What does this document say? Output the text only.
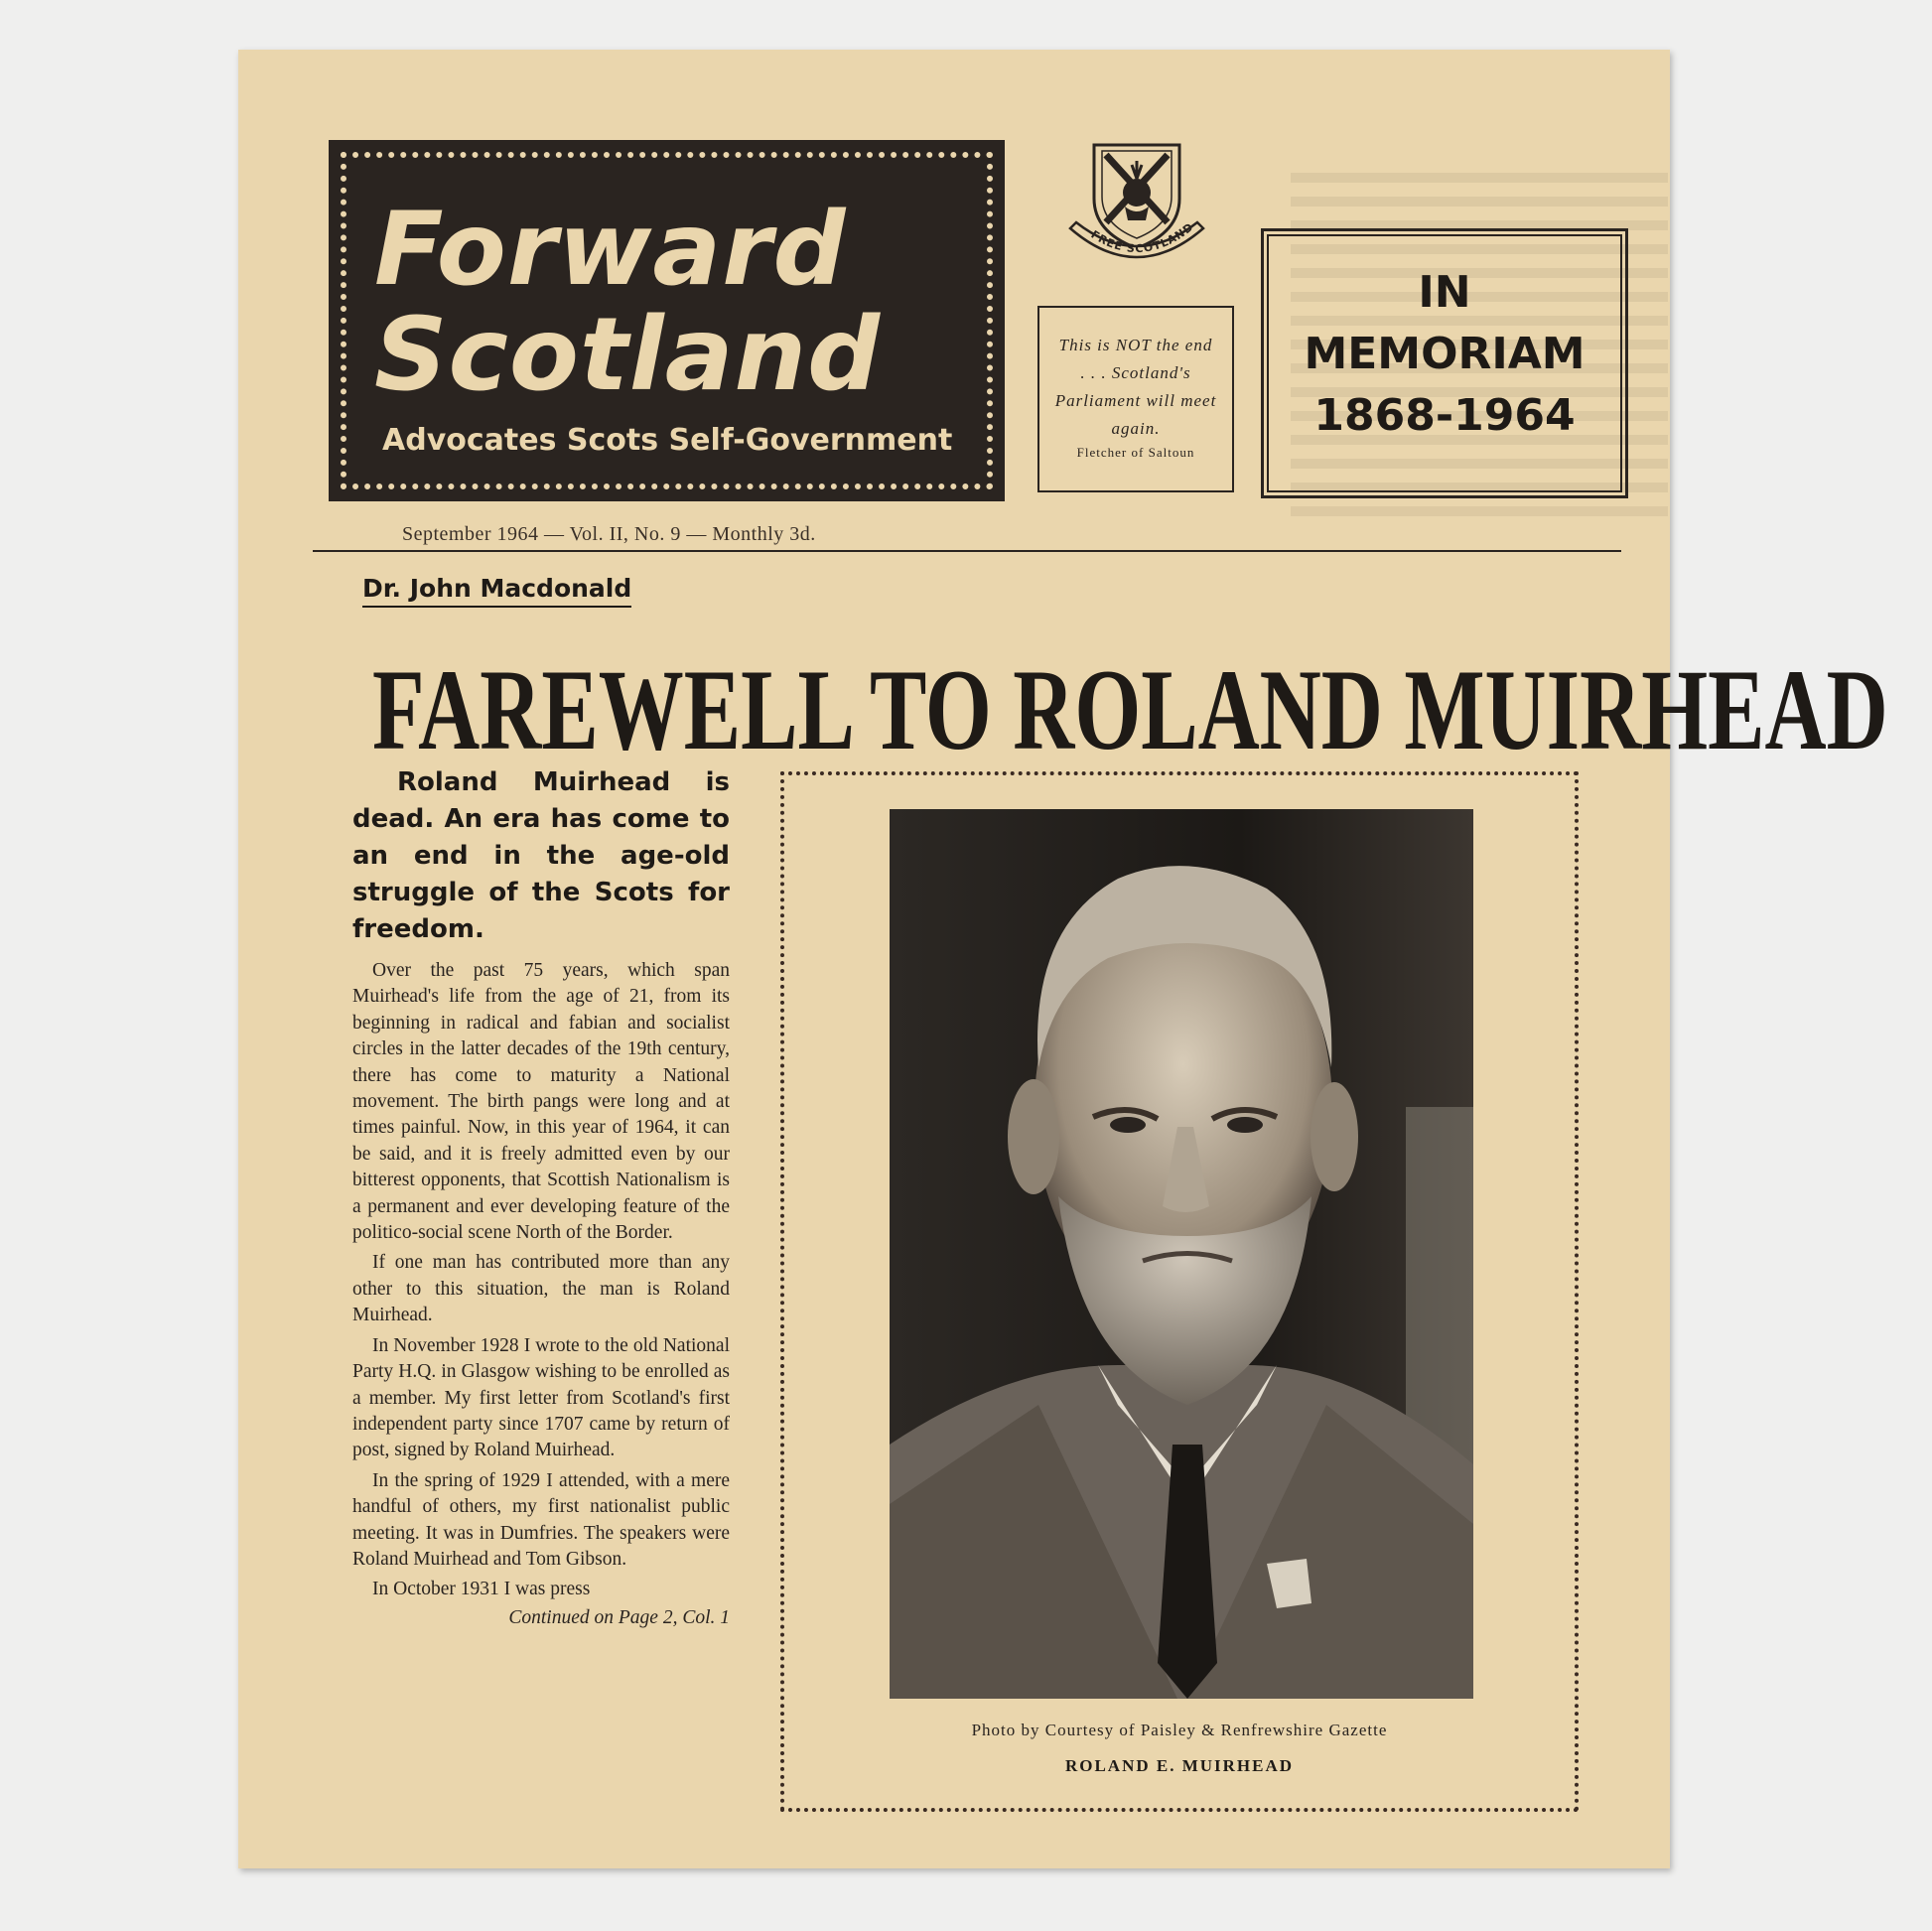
Forward
Scotland
Advocates Scots Self-Government
FREE SCOTLAND
This is NOT the end . . . Scotland's Parliament will meet again.
Fletcher of Saltoun
IN
MEMORIAM
1868-1964
September 1964 — Vol. II, No. 9 — Monthly 3d.
Dr. John Macdonald
FAREWELL TO ROLAND MUIRHEAD

Roland Muirhead is dead. An era has come to an end in the age-old struggle of the Scots for freedom.

Over the past 75 years, which span Muirhead's life from the age of 21, from its beginning in radical and fabian and socialist circles in the latter decades of the 19th century, there has come to maturity a National movement. The birth pangs were long and at times painful. Now, in this year of 1964, it can be said, and it is freely admitted even by our bitterest opponents, that Scottish Nationalism is a permanent and ever developing feature of the politico-social scene North of the Border.

If one man has contributed more than any other to this situation, the man is Roland Muirhead.

In November 1928 I wrote to the old National Party H.Q. in Glasgow wishing to be enrolled as a member. My first letter from Scotland's first independent party since 1707 came by return of post, signed by Roland Muirhead.

In the spring of 1929 I attended, with a mere handful of others, my first nationalist public meeting. It was in Dumfries. The speakers were Roland Muirhead and Tom Gibson.

In October 1931 I was press

Continued on Page 2, Col. 1
Photo by Courtesy of Paisley & Renfrewshire Gazette
ROLAND E. MUIRHEAD
